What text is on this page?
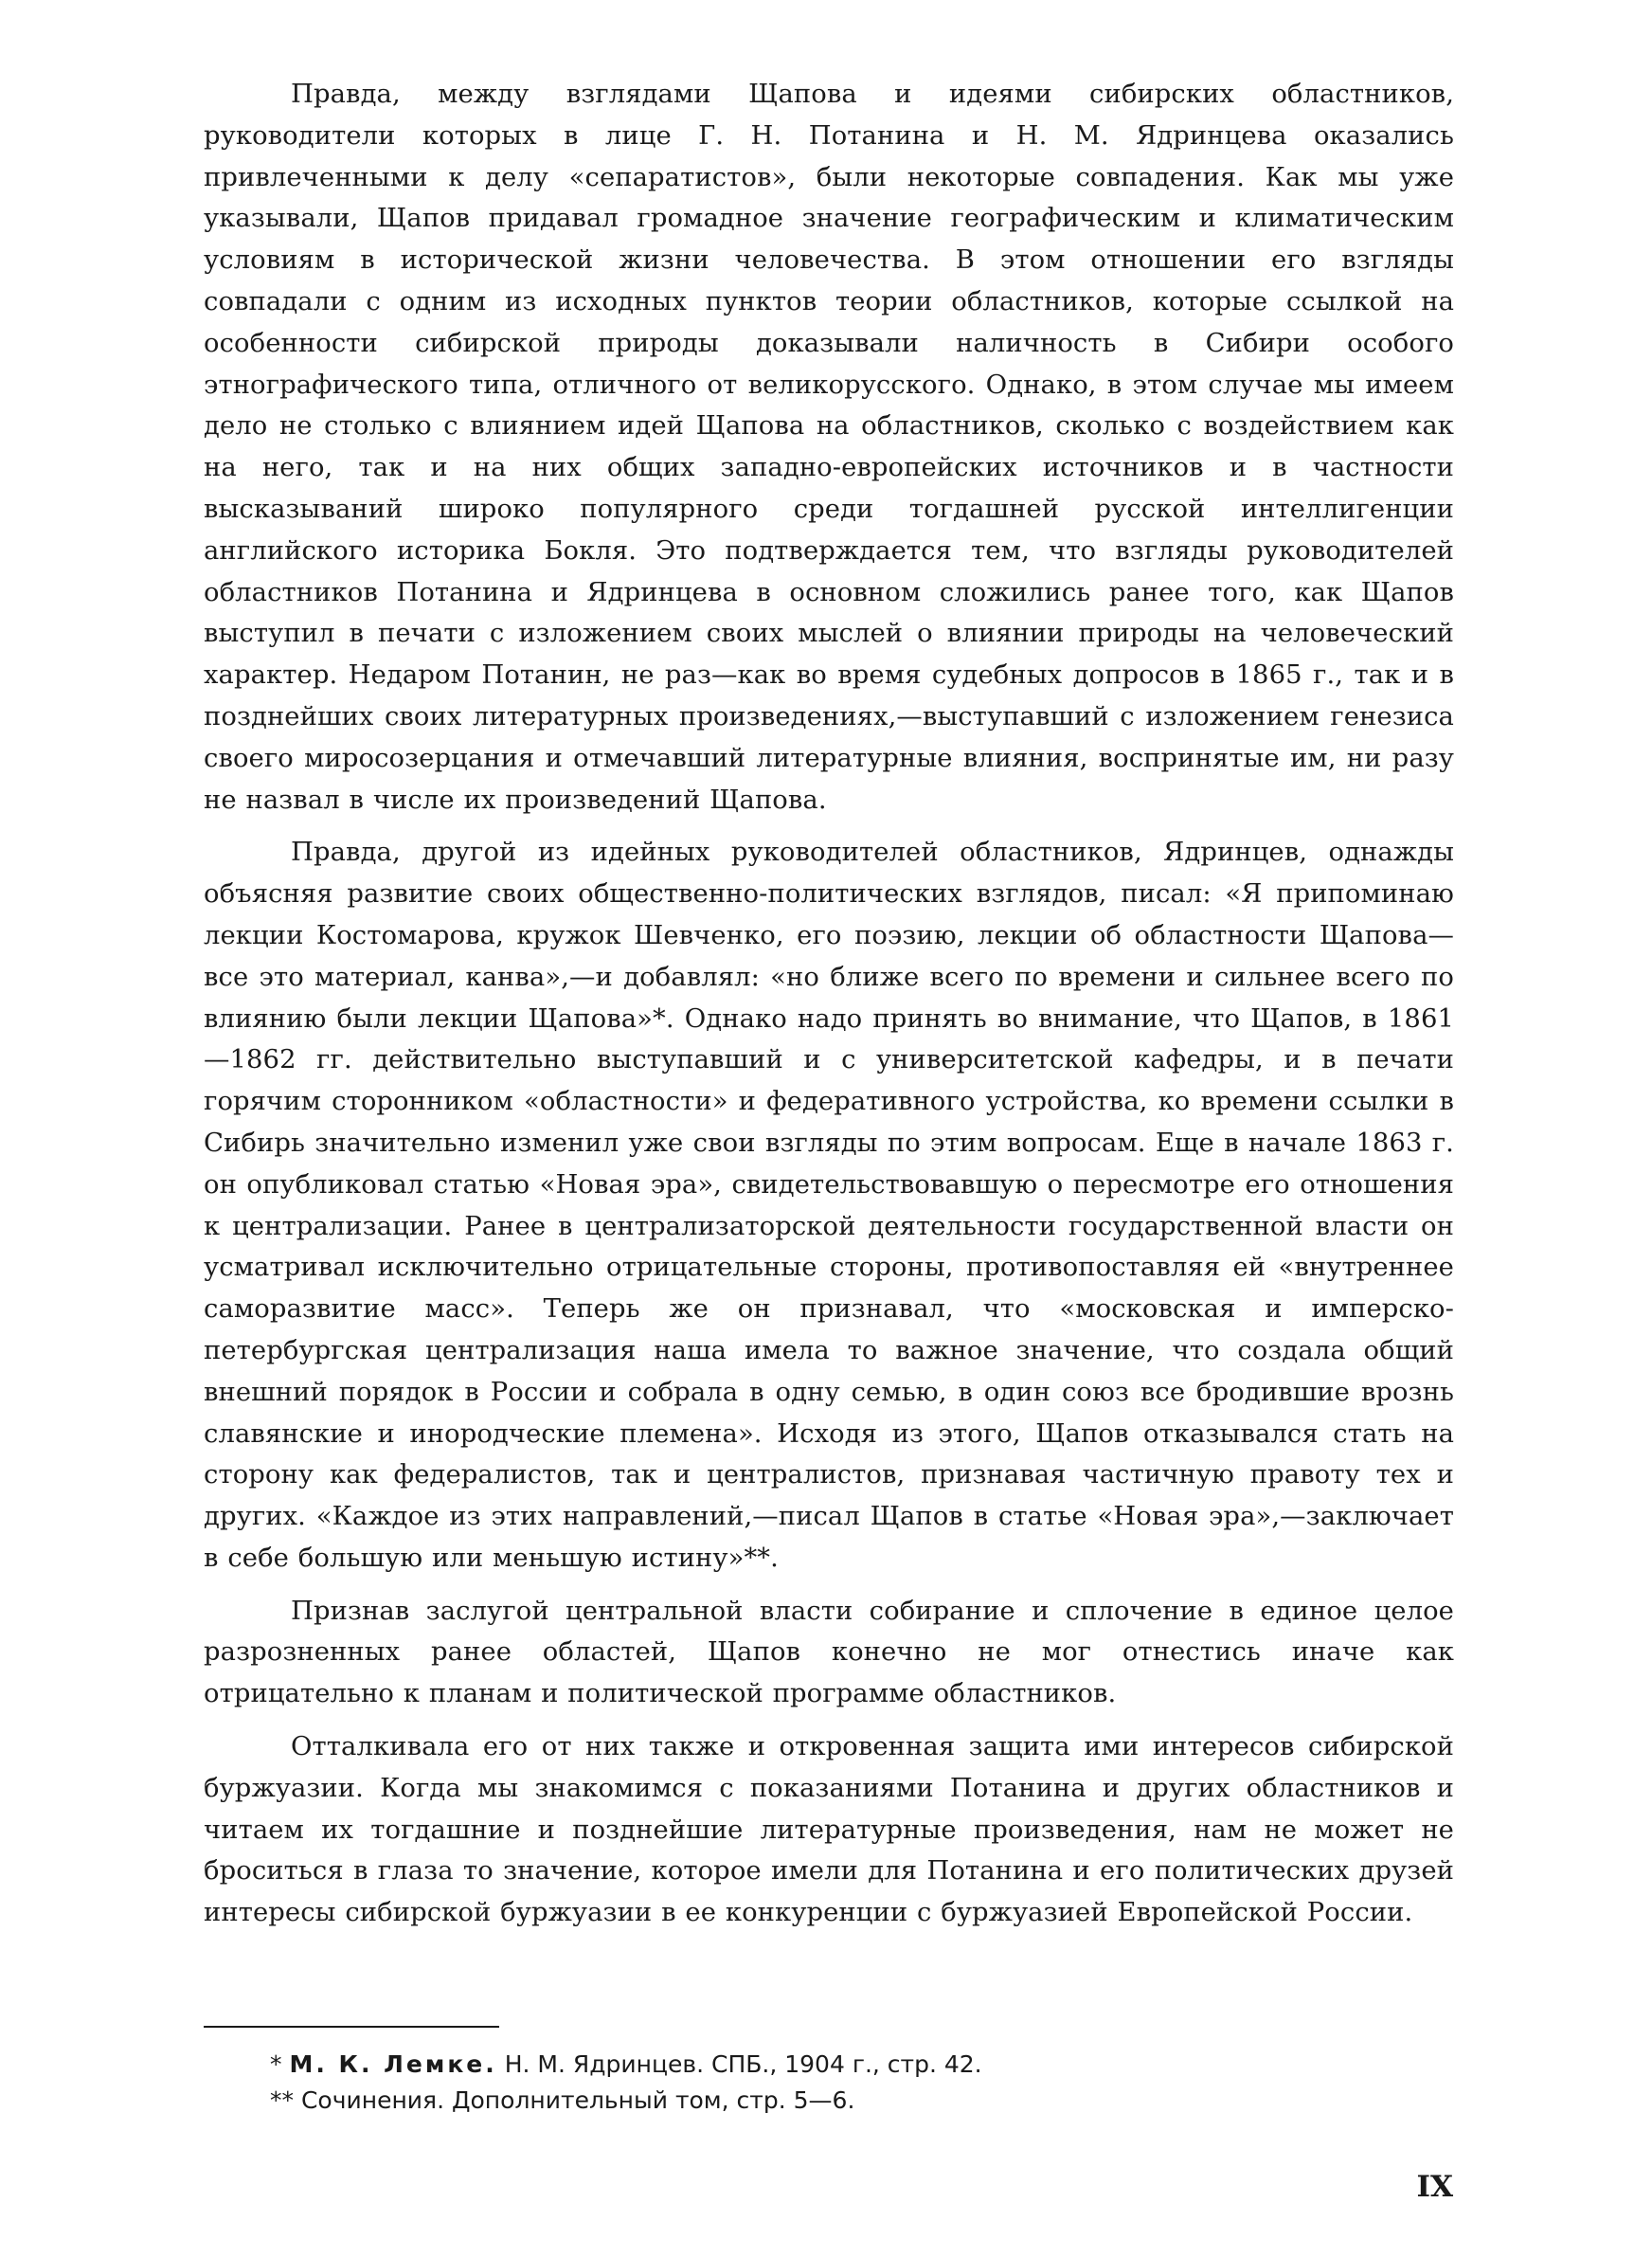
Правда, между взглядами Щапова и идеями сибирских областников, руководители которых в лице Г. Н. Потанина и Н. М. Ядринцева оказались привлеченными к делу «сепаратистов», были некоторые совпадения. Как мы уже указывали, Щапов придавал громадное значение географическим и климатическим условиям в исторической жизни человечества. В этом отношении его взгляды совпадали с одним из исходных пунктов теории областников, которые ссылкой на особенности сибирской природы доказывали наличность в Сибири особого этнографического типа, отличного от великорусского. Однако, в этом случае мы имеем дело не столько с влиянием идей Щапова на областников, сколько с воздействием как на него, так и на них общих западно-европейских источников и в частности высказываний широко популярного среди тогдашней русской интеллигенции английского историка Бокля. Это подтверждается тем, что взгляды руководителей областников Потанина и Ядринцева в основном сложились ранее того, как Щапов выступил в печати с изложением своих мыслей о влиянии природы на человеческий характер. Недаром Потанин, не раз—как во время судебных допросов в 1865 г., так и в позднейших своих литературных произведениях,—выступавший с изложением генезиса своего миросозерцания и отмечавший литературные влияния, воспринятые им, ни разу не назвал в числе их произведений Щапова.

Правда, другой из идейных руководителей областников, Ядринцев, однажды объясняя развитие своих общественно-политических взглядов, писал: «Я припоминаю лекции Костомарова, кружок Шевченко, его поэзию, лекции об областности Щапова—все это материал, канва»,—и добавлял: «но ближе всего по времени и сильнее всего по влиянию были лекции Щапова»*. Однако надо принять во внимание, что Щапов, в 1861—1862 гг. действительно выступавший и с университетской кафедры, и в печати горячим сторонником «областности» и федеративного устройства, ко времени ссылки в Сибирь значительно изменил уже свои взгляды по этим вопросам. Еще в начале 1863 г. он опубликовал статью «Новая эра», свидетельствовавшую о пересмотре его отношения к централизации. Ранее в централизаторской деятельности государственной власти он усматривал исключительно отрицательные стороны, противопоставляя ей «внутреннее саморазвитие масс». Теперь же он признавал, что «московская и имперско-петербургская централизация наша имела то важное значение, что создала общий внешний порядок в России и собрала в одну семью, в один союз все бродившие врознь славянские и инородческие племена». Исходя из этого, Щапов отказывался стать на сторону как федералистов, так и централистов, признавая частичную правоту тех и других. «Каждое из этих направлений,—писал Щапов в статье «Новая эра»,—заключает в себе большую или меньшую истину»**.

Признав заслугой центральной власти собирание и сплочение в единое целое разрозненных ранее областей, Щапов конечно не мог отнестись иначе как отрицательно к планам и политической программе областников.

Отталкивала его от них также и откровенная защита ими интересов сибирской буржуазии. Когда мы знакомимся с показаниями Потанина и других областников и читаем их тогдашние и позднейшие литературные произведения, нам не может не броситься в глаза то значение, которое имели для Потанина и его политических друзей интересы сибирской буржуазии в ее конкуренции с буржуазией Европейской России.

* М. К. Лемке. Н. М. Ядринцев. СПБ., 1904 г., стр. 42.

** Сочинения. Дополнительный том, стр. 5—6.

IX
